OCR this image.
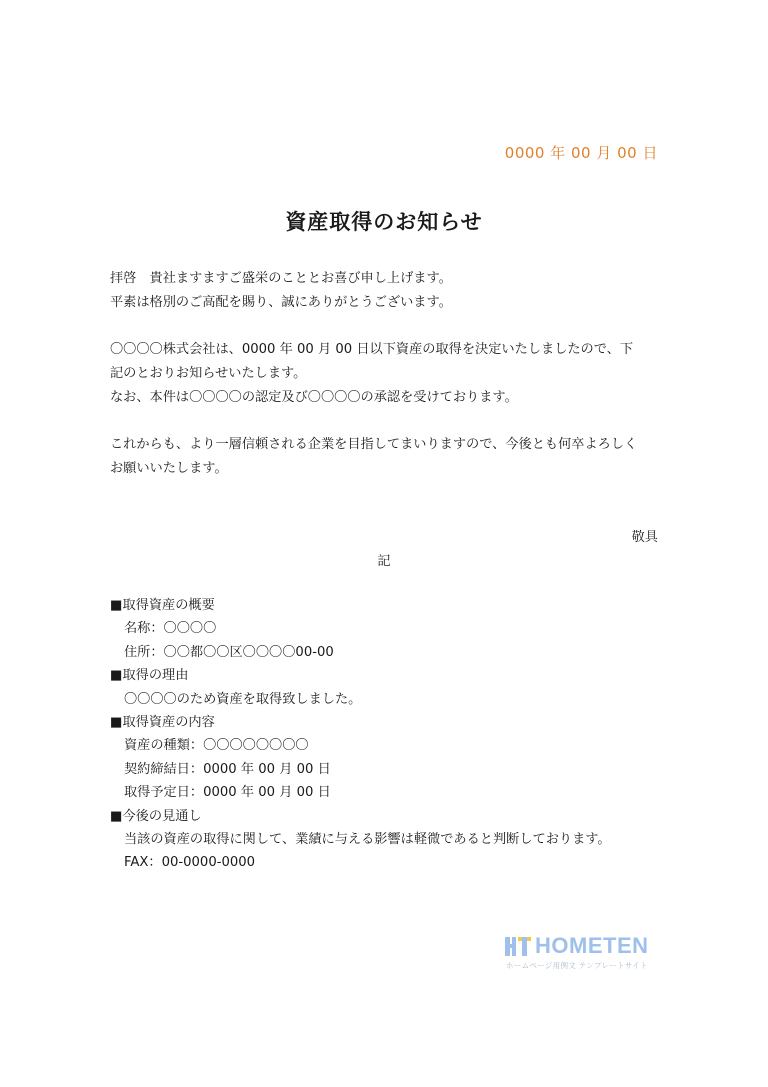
0000 年 00 月 00 日
資産取得のお知らせ
拝啓　貴社ますますご盛栄のこととお喜び申し上げます。
平素は格別のご高配を賜り、誠にありがとうございます。
〇〇〇〇株式会社は、0000 年 00 月 00 日以下資産の取得を決定いたしましたので、下
記のとおりお知らせいたします。
なお、本件は〇〇〇〇の認定及び〇〇〇〇の承認を受けております。
これからも、より一層信頼される企業を目指してまいりますので、今後とも何卒よろしく
お願いいたします。
敬具
記
■取得資産の概要
名称：〇〇〇〇
住所：〇〇都〇〇区〇〇〇〇00-00
■取得の理由
〇〇〇〇のため資産を取得致しました。
■取得資産の内容
資産の種類：〇〇〇〇〇〇〇〇
契約締結日：0000 年 00 月 00 日
取得予定日：0000 年 00 月 00 日
■今後の見通し
当該の資産の取得に関して、業績に与える影響は軽微であると判断しております。
FAX：00-0000-0000
HOMETEN
ホームページ用例文 テンプレートサイト
